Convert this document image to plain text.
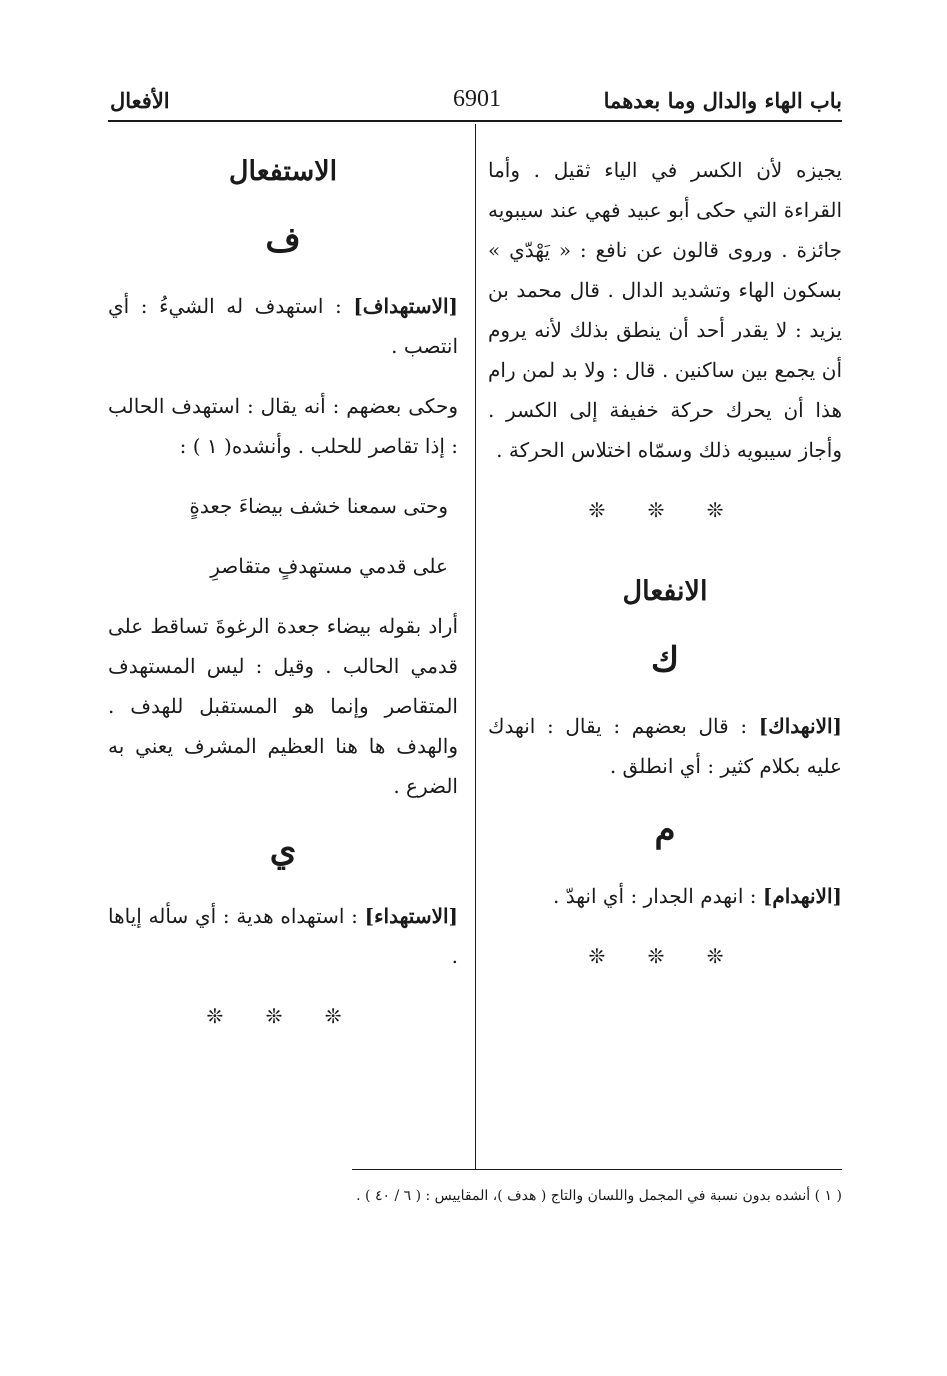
باب الهاء والدال وما بعدهما
6901
الأفعال

يجيزه لأن الكسر في الياء ثقيل . وأما القراءة التي حكى أبو عبيد فهي عند سيبويه جائزة . وروى قالون عن نافع : « يَهْدّي » بسكون الهاء وتشديد الدال . قال محمد بن يزيد : لا يقدر أحد أن ينطق بذلك لأنه يروم أن يجمع بين ساكنين . قال : ولا بد لمن رام هذا أن يحرك حركة خفيفة إلى الكسر . وأجاز سيبويه ذلك وسمّاه اختلاس الحركة .

❊ ❊ ❊
الانفعال
ك

[الانهداك] : قال بعضهم : يقال : انهدك عليه بكلام كثير : أي انطلق .

م

[الانهدام] : انهدم الجدار : أي انهدّ .

❊ ❊ ❊
الاستفعال
ف

[الاستهداف] : استهدف له الشيءُ : أي انتصب .

وحكى بعضهم : أنه يقال : استهدف الحالب : إذا تقاصر للحلب . وأنشده( ١ ) :

وحتى سمعنا خشف بيضاءَ جعدةٍ

على قدمي مستهدفٍ متقاصرِ

أراد بقوله بيضاء جعدة الرغوةَ تساقط على قدمي الحالب . وقيل : ليس المستهدف المتقاصر وإنما هو المستقبل للهدف . والهدف ها هنا العظيم المشرف يعني به الضرع .

ي

[الاستهداء] : استهداه هدية : أي سأله إياها .

❊ ❊ ❊
( ١ ) أنشده بدون نسبة في المجمل واللسان والتاج ( هدف )، المقاييس : ( ٦ / ٤٠ ) .
